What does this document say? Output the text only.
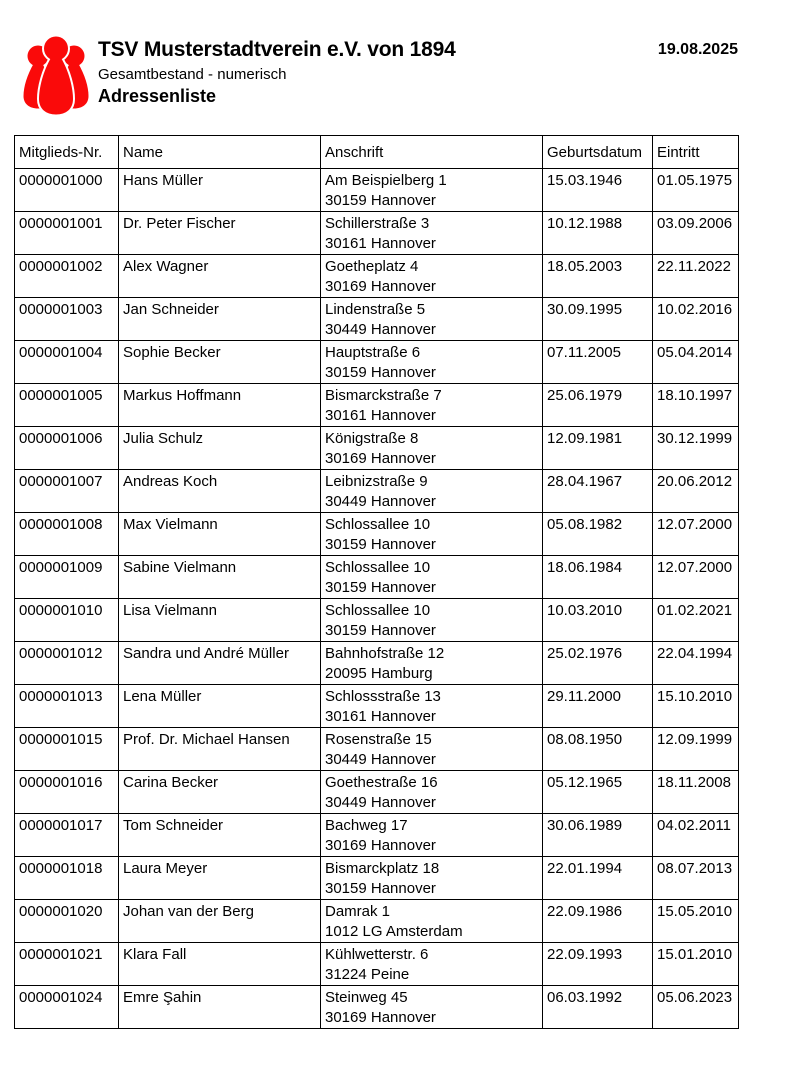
TSV Musterstadtverein e.V. von 1894
Gesamtbestand - numerisch
Adressenliste
19.08.2025
Mitglieds-Nr.	Name	Anschrift	Geburtsdatum	Eintritt
0000001000	Hans Müller	Am Beispielberg 1
30159 Hannover	15.03.1946	01.05.1975
0000001001	Dr. Peter Fischer	Schillerstraße 3
30161 Hannover	10.12.1988	03.09.2006
0000001002	Alex Wagner	Goetheplatz 4
30169 Hannover	18.05.2003	22.11.2022
0000001003	Jan Schneider	Lindenstraße 5
30449 Hannover	30.09.1995	10.02.2016
0000001004	Sophie Becker	Hauptstraße 6
30159 Hannover	07.11.2005	05.04.2014
0000001005	Markus Hoffmann	Bismarckstraße 7
30161 Hannover	25.06.1979	18.10.1997
0000001006	Julia Schulz	Königstraße 8
30169 Hannover	12.09.1981	30.12.1999
0000001007	Andreas Koch	Leibnizstraße 9
30449 Hannover	28.04.1967	20.06.2012
0000001008	Max Vielmann	Schlossallee 10
30159 Hannover	05.08.1982	12.07.2000
0000001009	Sabine Vielmann	Schlossallee 10
30159 Hannover	18.06.1984	12.07.2000
0000001010	Lisa Vielmann	Schlossallee 10
30159 Hannover	10.03.2010	01.02.2021
0000001012	Sandra und André Müller	Bahnhofstraße 12
20095 Hamburg	25.02.1976	22.04.1994
0000001013	Lena Müller	Schlossstraße 13
30161 Hannover	29.11.2000	15.10.2010
0000001015	Prof. Dr. Michael Hansen	Rosenstraße 15
30449 Hannover	08.08.1950	12.09.1999
0000001016	Carina Becker	Goethestraße 16
30449 Hannover	05.12.1965	18.11.2008
0000001017	Tom Schneider	Bachweg 17
30169 Hannover	30.06.1989	04.02.2011
0000001018	Laura Meyer	Bismarckplatz 18
30159 Hannover	22.01.1994	08.07.2013
0000001020	Johan van der Berg	Damrak 1
1012 LG Amsterdam	22.09.1986	15.05.2010
0000001021	Klara Fall	Kühlwetterstr. 6
31224 Peine	22.09.1993	15.01.2010
0000001024	Emre Şahin	Steinweg 45
30169 Hannover	06.03.1992	05.06.2023
